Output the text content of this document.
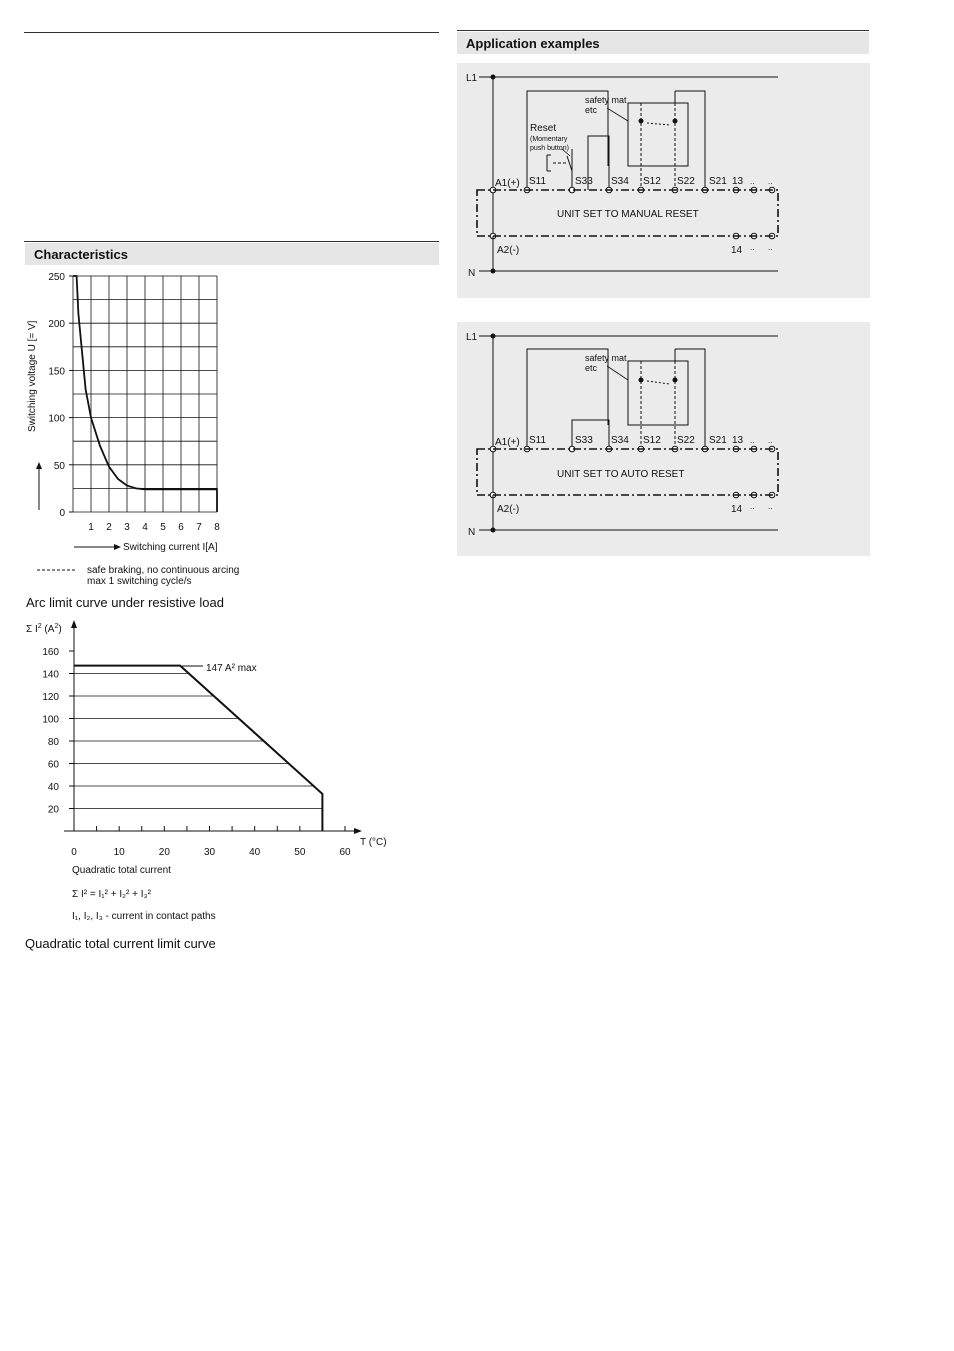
Characteristics
250
200
150
100
50
0
1 2 3 4 5 6 7 8
Switching voltage U [= V]
Switching current I[A]
safe braking, no continuous arcing
max 1 switching cycle/s
Arc limit curve under resistive load
Σ $I^2$ $(A^2)$
T (°C)
160
140
120
100
80
60
40
20
0	10	20	30	40	50	60
147 A² max
Quadratic total current
Σ I² = I₁² + I₂² + I₃²
I₁, I₂, I₃ - current in contact paths
Quadratic total current limit curve
Application examples
L1
N
safety mat
etc
Reset
(Momentary
push button)
.. ..
.. ..
A1(+) S11	S33 S34 S12 S22 S21 13
UNIT SET TO MANUAL RESET
A2(-)	14
L1
N
safety mat
etc
.. ..
.. ..
A1(+) S11	S33 S34 S12 S22 S21 13
UNIT SET TO AUTO RESET
A2(-)	14
